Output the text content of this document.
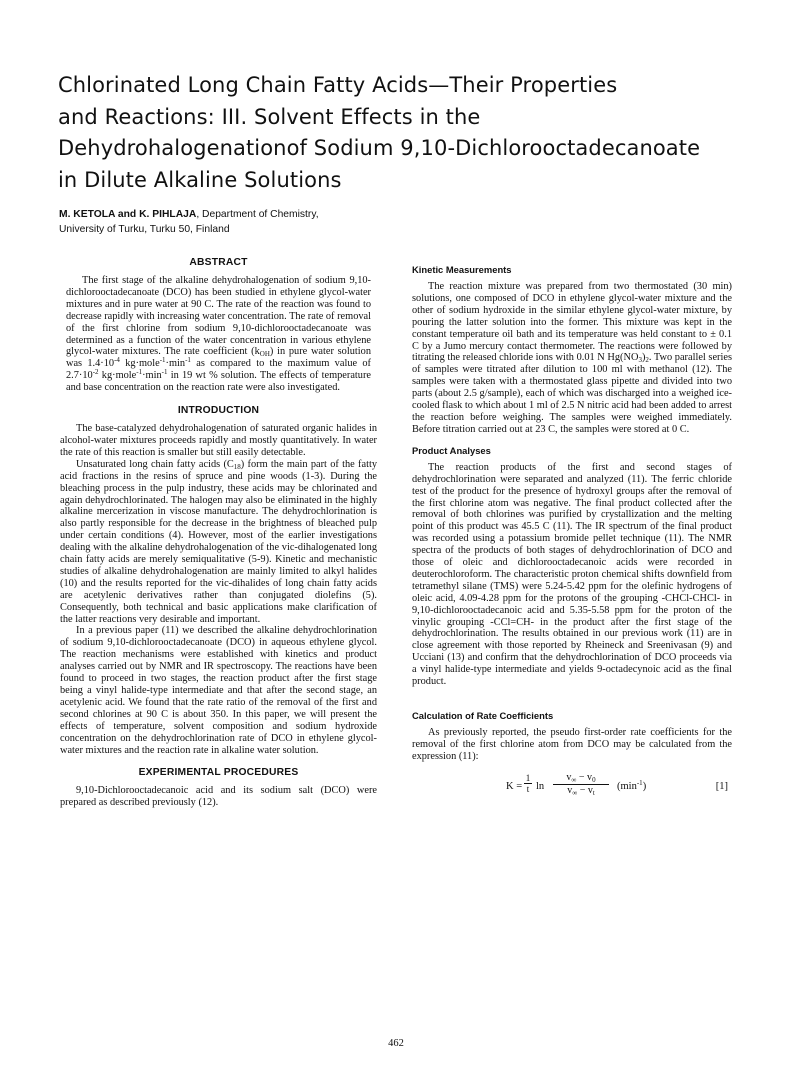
Chlorinated Long Chain Fatty Acids—Their Properties
and Reactions: III. Solvent Effects in the
Dehydrohalogenationof Sodium 9,10-Dichlorooctadecanoate
in Dilute Alkaline Solutions
M. KETOLA and K. PIHLAJA, Department of Chemistry,
University of Turku, Turku 50, Finland
ABSTRACT
The first stage of the alkaline dehydrohalogenation of sodium 9,10-dichlorooctadecanoate (DCO) has been studied in ethylene glycol-water mixtures and in pure water at 90 C. The rate of the reaction was found to decrease rapidly with increasing water concentration. The rate of removal of the first chlorine from sodium 9,10-dichlorooctadecanoate was determined as a function of the water concentration in various ethylene glycol-water mixtures. The rate coefficient $(k_{OH})$ in pure water solution was $1.4\cdot 10^{-4}$ $kg\cdot mole^{-1}\cdot\min^{-1}$ as compared to the maximum value of $2.7\cdot 10^{-2}$ $kg\cdot mole^{-1}\cdot\min^{-1}$ in 19 wt % solution. The effects of temperature and base concentration on the reaction rate were also investigated.
INTRODUCTION
The base-catalyzed dehydrohalogenation of saturated organic halides in alcohol-water mixtures proceeds rapidly and mostly quantitatively. In water the rate of this reaction is smaller but still easily detectable.
Unsaturated long chain fatty acids $(C_{18})$ form the main part of the fatty acid fractions in the resins of spruce and pine woods (1-3). During the bleaching process in the pulp industry, these acids may be chlorinated and again dehydrochlorinated. The halogen may also be eliminated in the highly alkaline mercerization in viscose manufacture. The dehydrochlorination is also partly responsible for the decrease in the brightness of bleached pulp under certain conditions (4). However, most of the earlier investigations dealing with the alkaline dehydrohalogenation of the vic-dihalogenated long chain fatty acids are merely semiqualitative (5-9). Kinetic and mechanistic studies of alkaline dehydrohalogenation are mainly limited to alkyl halides (10) and the results reported for the vic-dihalides of long chain fatty acids are acetylenic derivatives rather than conjugated diolefins (5). Consequently, both technical and basic applications make clarification of the latter reactions very desirable and important.
In a previous paper (11) we described the alkaline dehydrochlorination of sodium 9,10-dichlorooctadecanoate (DCO) in aqueous ethylene glycol. The reaction mechanisms were established with kinetics and product analyses carried out by NMR and IR spectroscopy. The reactions have been found to proceed in two stages, the reaction product after the first stage being a vinyl halide-type intermediate and that after the second stage, an acetylenic acid. We found that the rate ratio of the removal of the first and second chlorines at 90 C is about 350. In this paper, we will present the effects of temperature, solvent composition and sodium hydroxide concentration on the dehydrochlorination rate of DCO in ethylene glycol-water mixtures and the reaction rate in alkaline water solution.
EXPERIMENTAL PROCEDURES
9,10-Dichlorooctadecanoic acid and its sodium salt (DCO) were prepared as described previously (12).
Kinetic Measurements
The reaction mixture was prepared from two thermostated (30 min) solutions, one composed of DCO in ethylene glycol-water mixture and the other of sodium hydroxide in the similar ethylene glycol-water mixture, by pouring the latter solution into the former. This mixture was kept in the constant temperature oil bath and its temperature was held constant to ± 0.1 C by a Jumo mercury contact thermometer. The reactions were followed by titrating the released chloride ions with 0.01 N $Hg(NO_3)_2$. Two parallel series of samples were titrated after dilution to 100 ml with methanol (12). The samples were taken with a thermostated glass pipette and divided into two parts (about 2.5 g/sample), each of which was discharged into a weighed ice-cooled flask to which about 1 ml of 2.5 N nitric acid had been added to arrest the reaction before weighing. The samples were weighed immediately. Before titration carried out at 23 C, the samples were stored at 0 C.
Product Analyses
The reaction products of the first and second stages of dehydrochlorination were separated and analyzed (11). The ferric chloride test of the product for the presence of hydroxyl groups after the removal of the first chlorine atom was negative. The final product collected after the removal of both chlorines was purified by crystallization and the melting point of this product was 45.5 C (11). The IR spectrum of the final product was recorded using a potassium bromide pellet technique (11). The NMR spectra of the products of both stages of dehydrochlorination of DCO and those of oleic and dichlorooctadecanoic acids were recorded in deuterochloroform. The characteristic proton chemical shifts downfield from tetramethyl silane (TMS) were 5.24-5.42 ppm for the olefinic hydrogens of oleic acid, 4.09-4.28 ppm for the protons of the grouping -CHCl-CHCl- in 9,10-dichlorooctadecanoic acid and 5.35-5.58 ppm for the proton of the vinylic grouping -CCl=CH- in the product after the first stage of the dehydrochlorination. The results obtained in our previous work (11) are in close agreement with those reported by Rheineck and Sreenivasan (9) and Ucciani (13) and confirm that the dehydrochlorination of DCO proceeds via a vinyl halide-type intermediate and yields 9-octadecynoic acid as the final product.
Calculation of Rate Coefficients
As previously reported, the pseudo first-order rate coefficients for the removal of the first chlorine atom from DCO may be calculated from the expression (11):
$K = \frac{1}{t}$ $\ln \frac{v_\infty - v_0}{v_\infty - v_t} (\min^{-1})$	[1]
462
